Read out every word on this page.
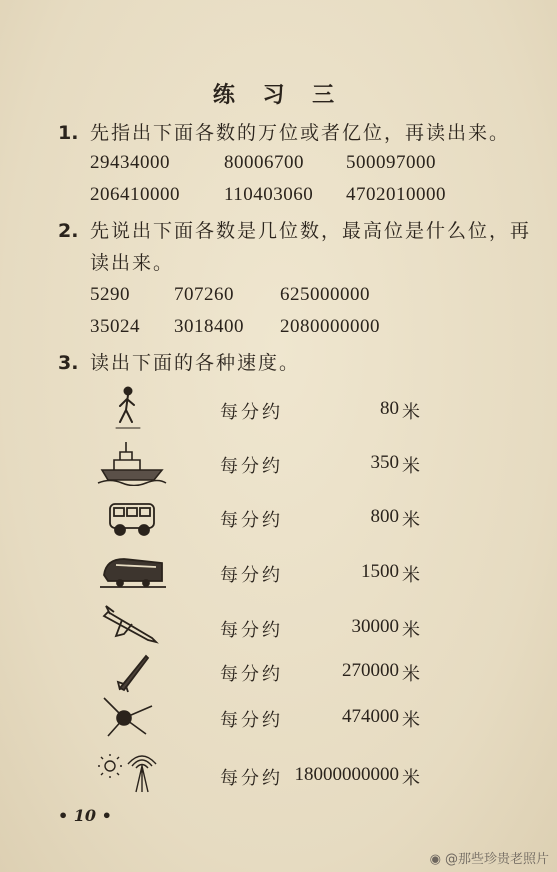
练 习 三
1. 先指出下面各数的万位或者亿位，再读出来。
29434000	80006700 500097000
206410000 110403060 4702010000
2. 先说出下面各数是几位数，最高位是什么位，再
读出来。
5290 707260 625000000
35024 3018400 2080000000
3. 读出下面的各种速度。
每分约	80 米
每分约	350 米
每分约	800 米
每分约	1500 米
每分约	30000 米
每分约	270000 米
每分约	474000 米
每分约 18000000000 米
• 10 •
◉ @那些珍贵老照片
